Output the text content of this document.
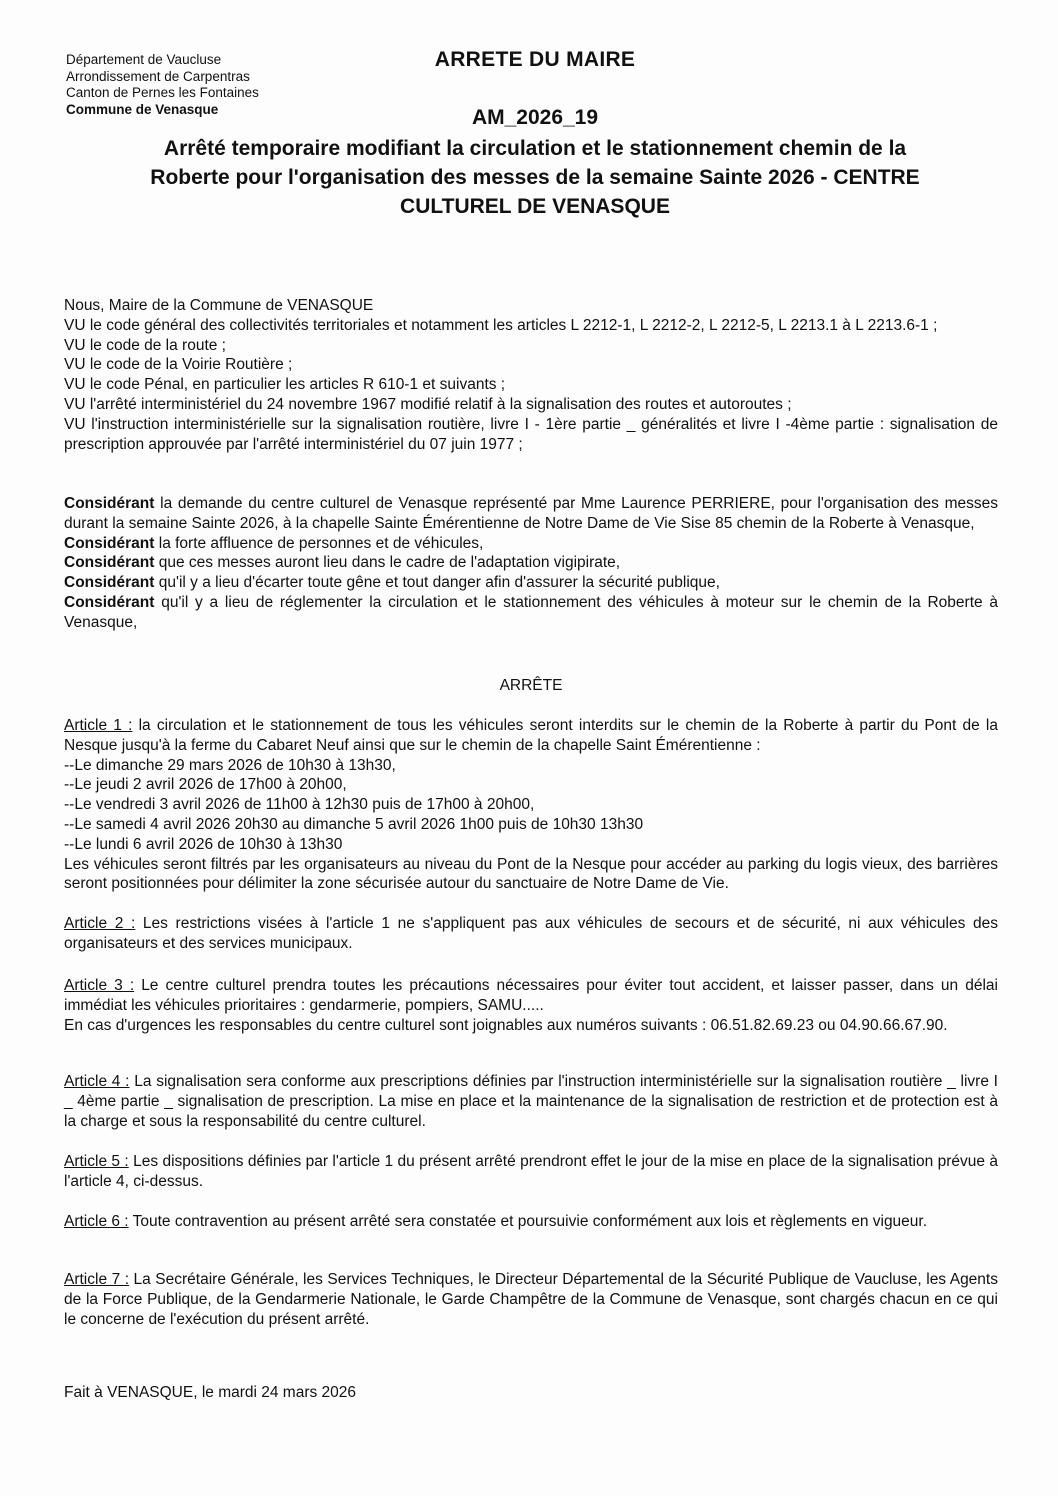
Département de Vaucluse
Arrondissement de Carpentras
Canton de Pernes les Fontaines
Commune de Venasque
ARRETE DU MAIRE
AM_2026_19
Arrêté temporaire modifiant la circulation et le stationnement chemin de la
Roberte pour l'organisation des messes de la semaine Sainte 2026 - CENTRE
CULTUREL DE VENASQUE

Nous, Maire de la Commune de VENASQUE

VU le code général des collectivités territoriales et notamment les articles L 2212-1, L 2212-2, L 2212-5, L 2213.1 à L 2213.6-1 ;

VU le code de la route ;

VU le code de la Voirie Routière ;

VU le code Pénal, en particulier les articles R 610-1 et suivants ;

VU l'arrêté interministériel du 24 novembre 1967 modifié relatif à la signalisation des routes et autoroutes ;

VU l'instruction interministérielle sur la signalisation routière, livre I - 1ère partie _ généralités et livre I -4ème partie : signalisation de prescription approuvée par l'arrêté interministériel du 07 juin 1977 ;

Considérant la demande du centre culturel de Venasque représenté par Mme Laurence PERRIERE, pour l'organisation des messes durant la semaine Sainte 2026, à la chapelle Sainte Émérentienne de Notre Dame de Vie Sise 85 chemin de la Roberte à Venasque,

Considérant la forte affluence de personnes et de véhicules,

Considérant que ces messes auront lieu dans le cadre de l'adaptation vigipirate,

Considérant qu'il y a lieu d'écarter toute gêne et tout danger afin d'assurer la sécurité publique,

Considérant qu'il y a lieu de réglementer la circulation et le stationnement des véhicules à moteur sur le chemin de la Roberte à Venasque,

ARRÊTE

Article 1 : la circulation et le stationnement de tous les véhicules seront interdits sur le chemin de la Roberte à partir du Pont de la Nesque jusqu'à la ferme du Cabaret Neuf ainsi que sur le chemin de la chapelle Saint Émérentienne :

--Le dimanche 29 mars 2026 de 10h30 à 13h30,

--Le jeudi 2 avril 2026 de 17h00 à 20h00,

--Le vendredi 3 avril 2026 de 11h00 à 12h30 puis de 17h00 à 20h00,

--Le samedi 4 avril 2026 20h30 au dimanche 5 avril 2026 1h00 puis de 10h30 13h30

--Le lundi 6 avril 2026 de 10h30 à 13h30

Les véhicules seront filtrés par les organisateurs au niveau du Pont de la Nesque pour accéder au parking du logis vieux, des barrières seront positionnées pour délimiter la zone sécurisée autour du sanctuaire de Notre Dame de Vie.

Article 2 : Les restrictions visées à l'article 1 ne s'appliquent pas aux véhicules de secours et de sécurité, ni aux véhicules des organisateurs et des services municipaux.

Article 3 : Le centre culturel prendra toutes les précautions nécessaires pour éviter tout accident, et laisser passer, dans un délai immédiat les véhicules prioritaires : gendarmerie, pompiers, SAMU.....

En cas d'urgences les responsables du centre culturel sont joignables aux numéros suivants : 06.51.82.69.23 ou 04.90.66.67.90.

Article 4 : La signalisation sera conforme aux prescriptions définies par l'instruction interministérielle sur la signalisation routière _ livre I _ 4ème partie _ signalisation de prescription. La mise en place et la maintenance de la signalisation de restriction et de protection est à la charge et sous la responsabilité du centre culturel.

Article 5 : Les dispositions définies par l'article 1 du présent arrêté prendront effet le jour de la mise en place de la signalisation prévue à l'article 4, ci-dessus.

Article 6 : Toute contravention au présent arrêté sera constatée et poursuivie conformément aux lois et règlements en vigueur.

Article 7 : La Secrétaire Générale, les Services Techniques, le Directeur Départemental de la Sécurité Publique de Vaucluse, les Agents de la Force Publique, de la Gendarmerie Nationale, le Garde Champêtre de la Commune de Venasque, sont chargés chacun en ce qui le concerne de l'exécution du présent arrêté.

Fait à VENASQUE, le mardi 24 mars 2026
